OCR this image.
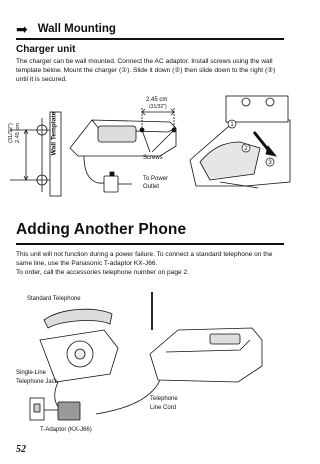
➡ Wall Mounting
Charger unit
The charger can be wall mounted. Connect the AC adaptor. Install screws using the wall template below. Mount the charger (①). Slide it down (②) then slide down to the right (③) until it is secured.
1
2
3
Wall Template
2.45 cm
(31/32")
2.45 cm
(31/32")
Screws
To Power
Outlet
Adding Another Phone
This unit will not function during a power failure. To connect a standard telephone on the same line, use the Panasonic T-adaptor KX-J66.
To order, call the accessories telephone number on page 2.
Standard Telephone
Single-Line
Telephone Jack
Telephone
Line Cord
T-Adaptor (KX-J66)
52
